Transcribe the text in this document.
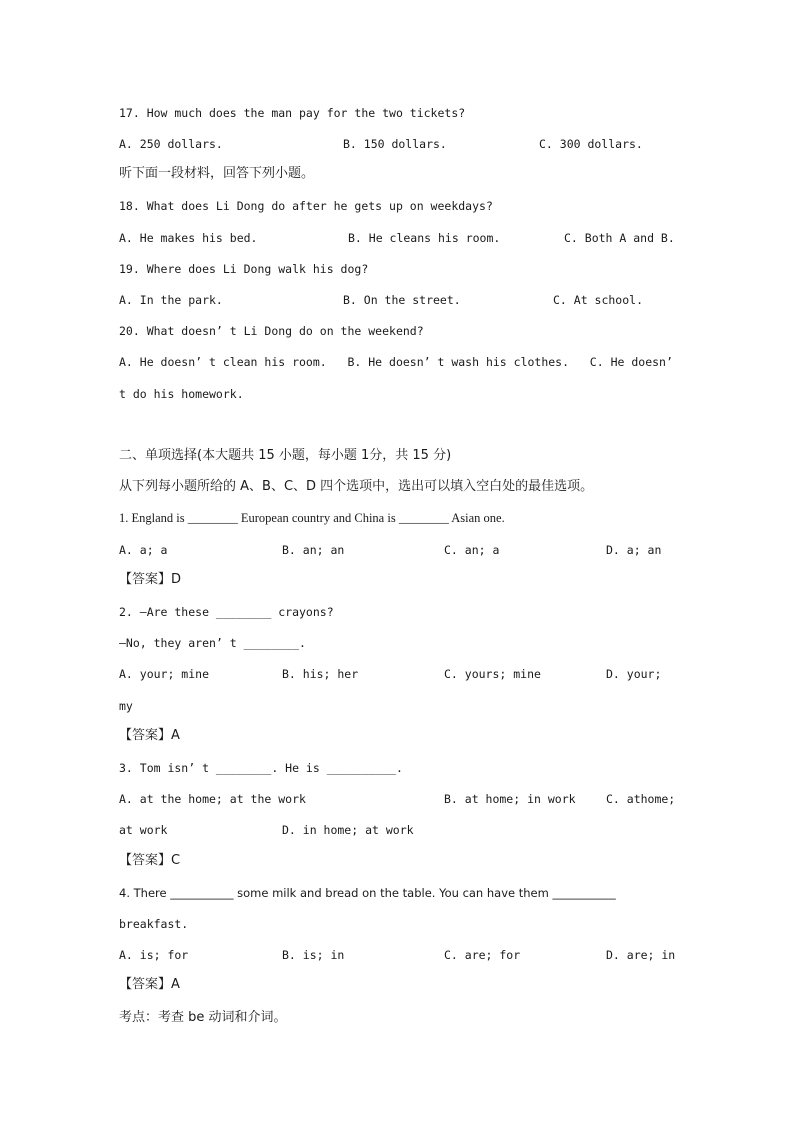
17. How much does the man pay for the two tickets?
A. 250 dollars.	B. 150 dollars.	C. 300 dollars.
听下面一段材料，回答下列小题。
18. What does Li Dong do after he gets up on weekdays?
A. He makes his bed.	B. He cleans his room.	C. Both A and B.
19. Where does Li Dong walk his dog?
A. In the park.	B. On the street.	C. At school.
20. What doesn’ t Li Dong do on the weekend?
A. He doesn’ t clean his room.   B. He doesn’ t wash his clothes.   C. He doesn’
t do his homework.
二、单项选择(本大题共 15 小题，每小题 1分，共 15 分)
从下列每小题所给的 A、B、C、D 四个选项中，选出可以填入空白处的最佳选项。
1. England is ________ European country and China is ________ Asian one.
A. a; a	B. an; an	C. an; a	D. a; an
【答案】D
2. —Are these ________ crayons?
—No, they aren’ t ________.
A. your; mine	B. his; her	C. yours; mine	D. your;
my
【答案】A
3. Tom isn’ t ________. He is __________.
A. at the home; at the work	B. at home; in work	C. athome;
at work	D. in home; at work
【答案】C
4. There ___________ some milk and bread on the table. You can have them ___________
breakfast.
A. is; for	B. is; in	C. are; for	D. are; in
【答案】A
考点：考查 be 动词和介词。
